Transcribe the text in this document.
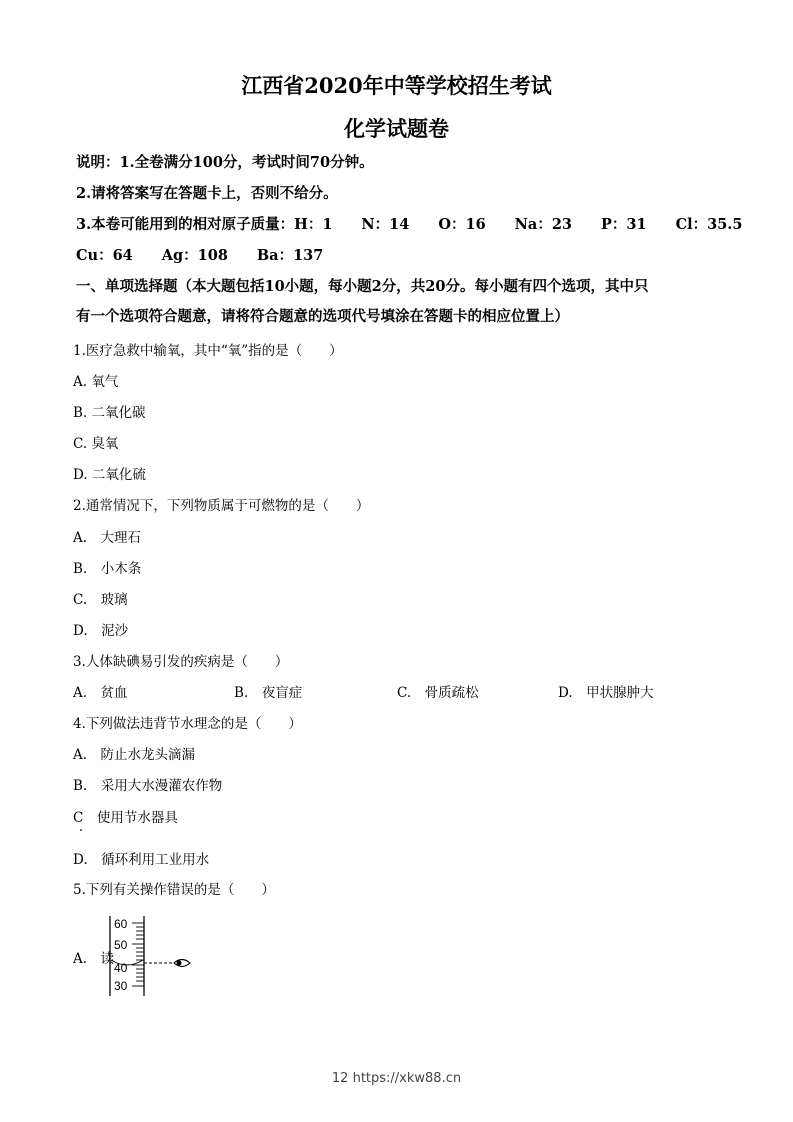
江西省2020年中等学校招生考试
化学试题卷
说明：1.全卷满分100分，考试时间70分钟。
2.请将答案写在答题卡上，否则不给分。
3.本卷可能用到的相对原子质量：H：1　　N：14　　O：16　　Na：23　　P：31　　Cl：35.5
Cu：64　　Ag：108　　Ba：137
一、单项选择题（本大题包括10小题，每小题2分，共20分。每小题有四个选项，其中只
有一个选项符合题意，请将符合题意的选项代号填涂在答题卡的相应位置上）
1.医疗急救中输氧，其中“氧”指的是（　　）
A. 氧气
B. 二氧化碳
C. 臭氧
D. 二氧化硫
2.通常情况下，下列物质属于可燃物的是（　　）
A.　大理石
B.　小木条
C.　玻璃
D.　泥沙
3.人体缺碘易引发的疾病是（　　）
A.　贫血	B.　夜盲症	C.　骨质疏松	D.　甲状腺肿大
4.下列做法违背节水理念的是（　　）
A.　防止水龙头滴漏
B.　采用大水漫灌农作物
C　使用节水器具
D.　循环利用工业用水
5.下列有关操作错误的是（　　）
A.　读
60
50
40
30
12 https://xkw88.cn
